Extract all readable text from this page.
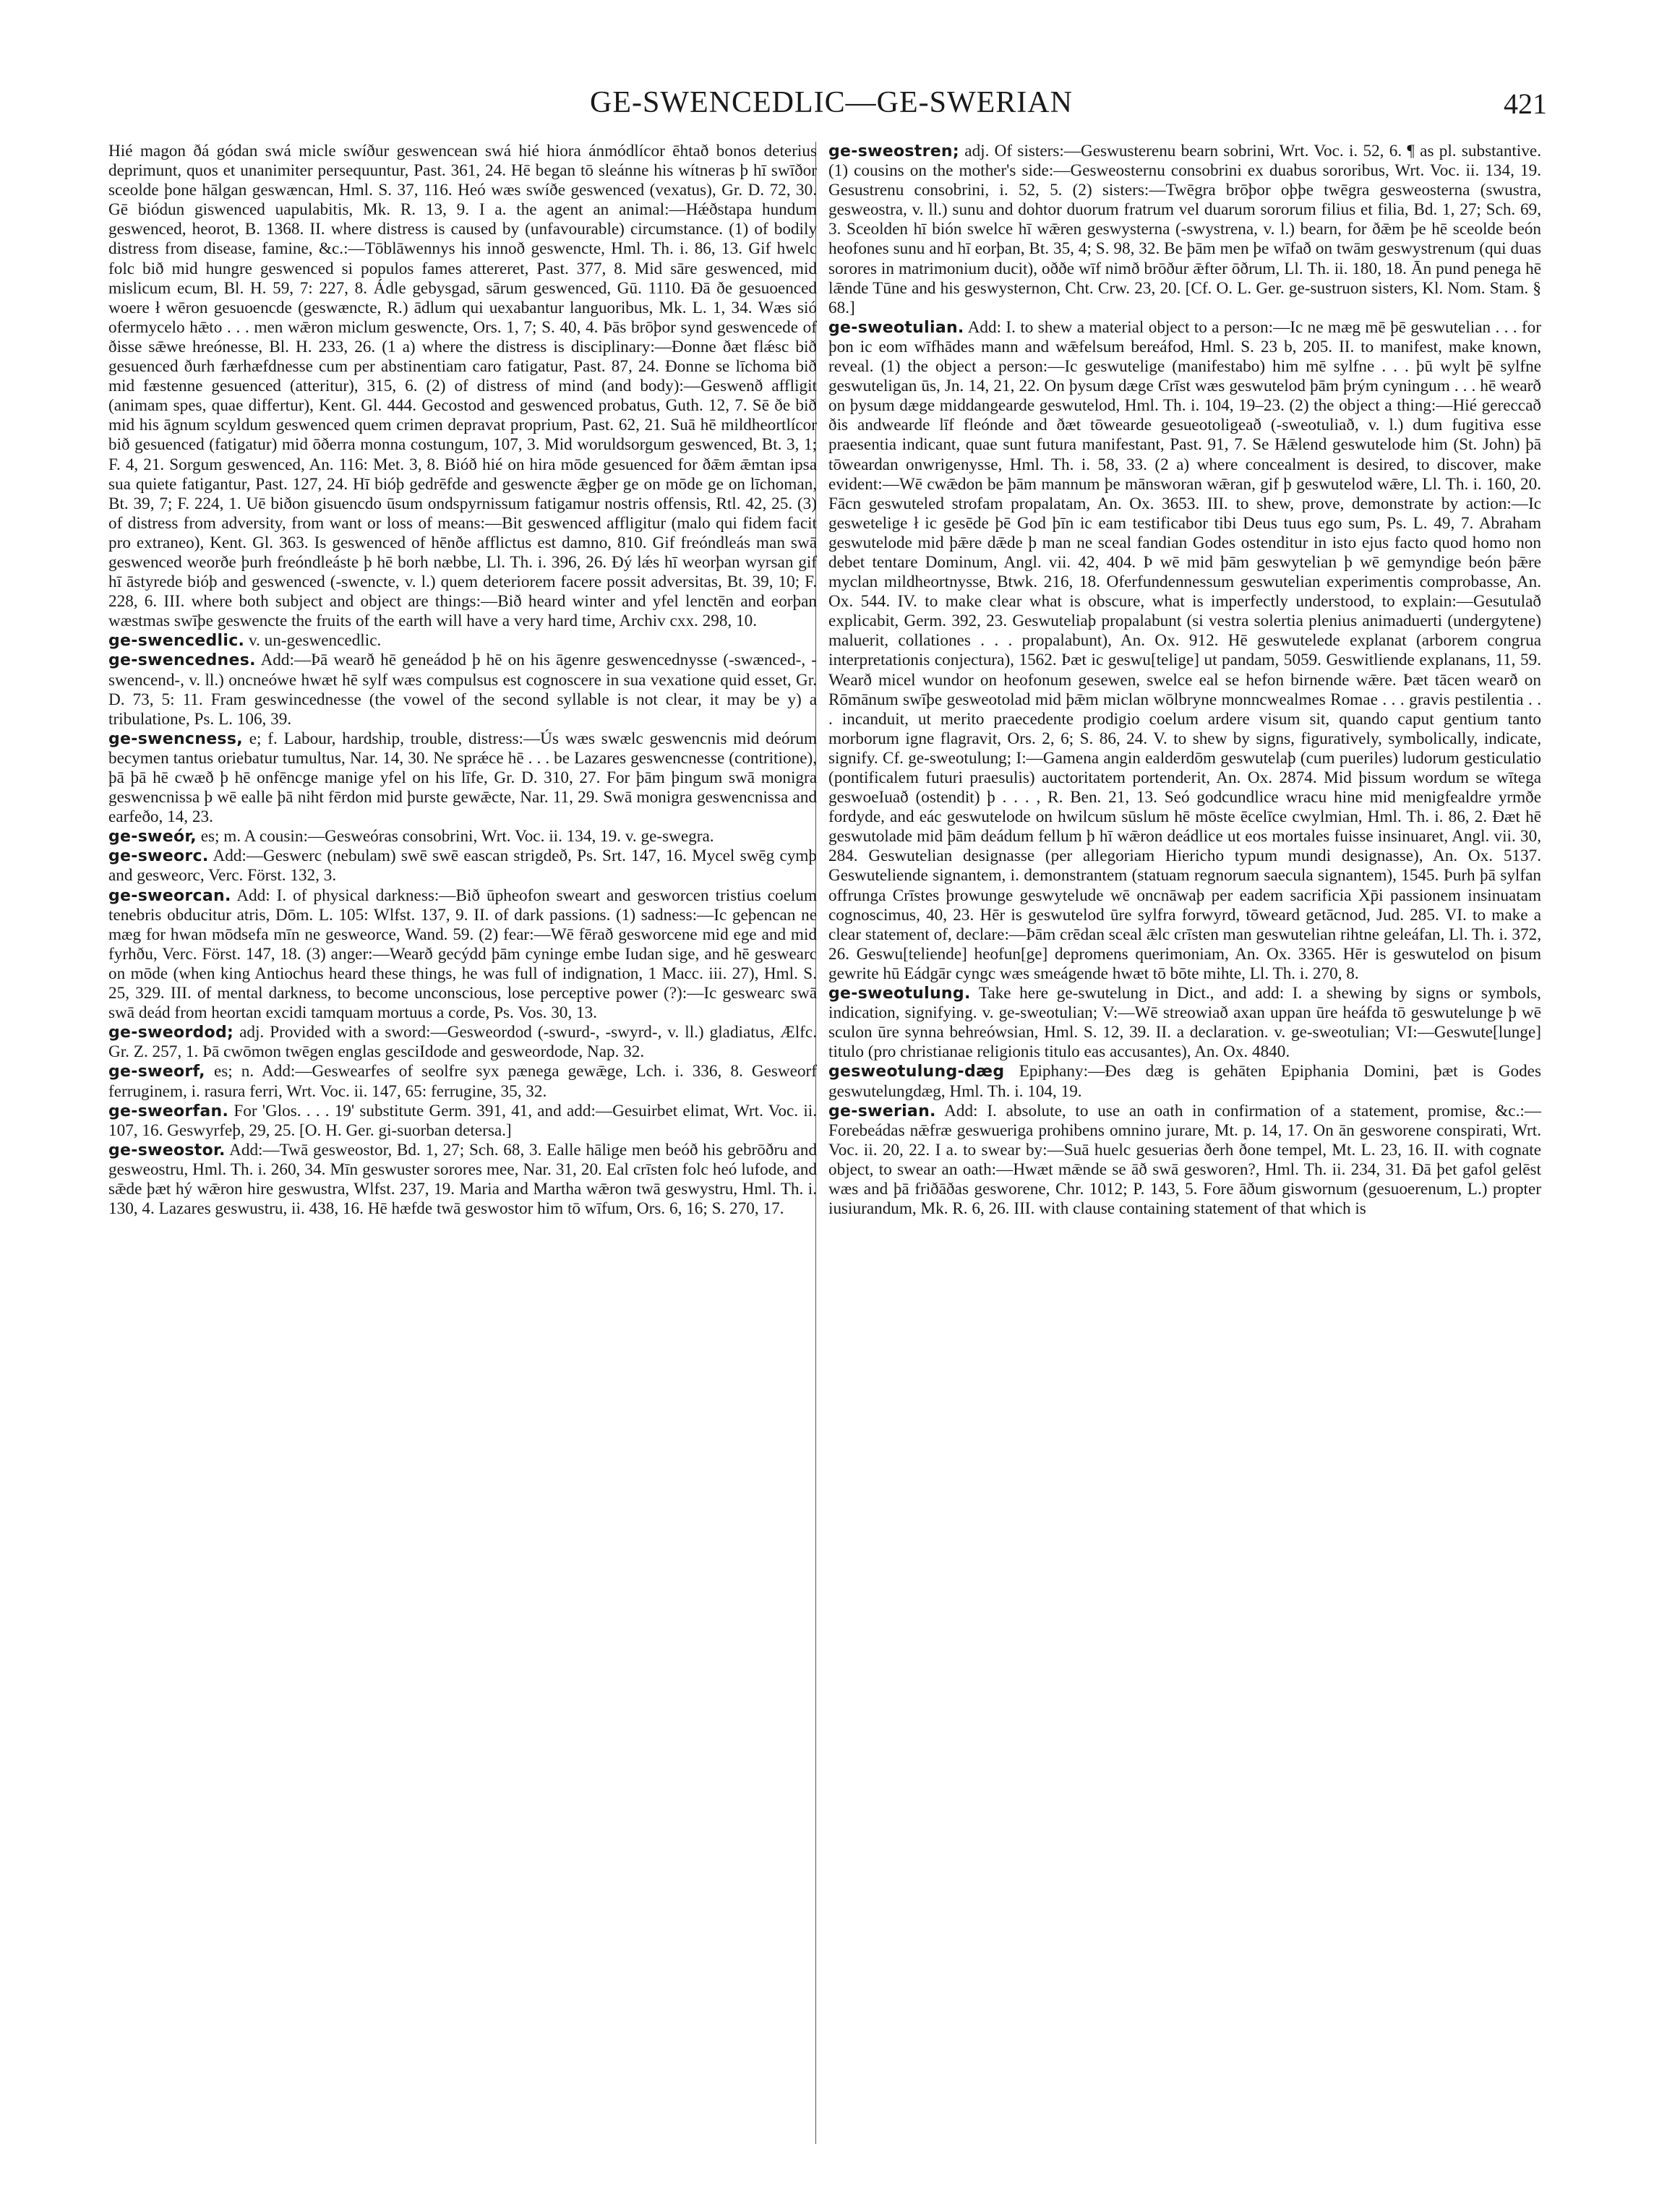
GE-SWENCEDLIC—GE-SWERIAN	421

Hié magon ðá gódan swá micle swíður geswencean swá hié hiora ánmódlícor ēhtað bonos deterius deprimunt, quos et unanimiter persequuntur, Past. 361, 24. Hē began tō sleánne his wítneras þ hī swīðor sceolde þone hālgan geswæncan, Hml. S. 37, 116. Heó wæs swíðe geswenced (vexatus), Gr. D. 72, 30. Gē biódun giswenced uapulabitis, Mk. R. 13, 9. I a. the agent an animal:—Hǽðstapa hundum geswenced, heorot, B. 1368. II. where distress is caused by (unfavourable) circumstance. (1) of bodily distress from disease, famine, &c.:—Tōblāwennys his innoð geswencte, Hml. Th. i. 86, 13. Gif hwelc folc bið mid hungre geswenced si populos fames attereret, Past. 377, 8. Mid sāre geswenced, mid mislicum ecum, Bl. H. 59, 7: 227, 8. Ádle gebysgad, sārum geswenced, Gū. 1110. Ðā ðe gesuoenced woere ł wēron gesuoencde (geswæncte, R.) ādlum qui uexabantur languoribus, Mk. L. 1, 34. Wæs sió ofermycelo hǣto . . . men wǣron miclum geswencte, Ors. 1, 7; S. 40, 4. Þās brōþor synd geswencede of ðisse sǣwe hreónesse, Bl. H. 233, 26. (1 a) where the distress is disciplinary:—Ðonne ðæt flǽsc bið gesuenced ðurh færhæfdnesse cum per abstinentiam caro fatigatur, Past. 87, 24. Ðonne se līchoma bið mid fæstenne gesuenced (atteritur), 315, 6. (2) of distress of mind (and body):—Geswenð affligit (animam spes, quae differtur), Kent. Gl. 444. Gecostod and geswenced probatus, Guth. 12, 7. Sē ðe bið mid his āgnum scyldum geswenced quem crimen depravat proprium, Past. 62, 21. Suā hē mildheortlícor bið gesuenced (fatigatur) mid ōðerra monna costungum, 107, 3. Mid woruldsorgum geswenced, Bt. 3, 1; F. 4, 21. Sorgum geswenced, An. 116: Met. 3, 8. Bióð hié on hira mōde gesuenced for ðǣm ǣmtan ipsa sua quiete fatigantur, Past. 127, 24. Hī bióþ gedrēfde and geswencte ǣgþer ge on mōde ge on līchoman, Bt. 39, 7; F. 224, 1. Uē biðon gisuencdo ūsum ondspyrnissum fatigamur nostris offensis, Rtl. 42, 25. (3) of distress from adversity, from want or loss of means:—Bit geswenced affligitur (malo qui fidem facit pro extraneo), Kent. Gl. 363. Is geswenced of hēnðe afflictus est damno, 810. Gif freóndleás man swā geswenced weorðe þurh freóndleáste þ hē borh næbbe, Ll. Th. i. 396, 26. Ðý lǽs hī weorþan wyrsan gif hī āstyrede bióþ and geswenced (-swencte, v. l.) quem deteriorem facere possit adversitas, Bt. 39, 10; F. 228, 6. III. where both subject and object are things:—Bið heard winter and yfel lenctēn and eorþan wæstmas swīþe geswencte the fruits of the earth will have a very hard time, Archiv cxx. 298, 10.

ge-swencedlic. v. un-geswencedlic.

ge-swencednes. Add:—Þā wearð hē geneádod þ hē on his āgenre geswencednysse (-swænced-, -swencend-, v. ll.) oncneówe hwæt hē sylf wæs compulsus est cognoscere in sua vexatione quid esset, Gr. D. 73, 5: 11. Fram geswincednesse (the vowel of the second syllable is not clear, it may be y) a tribulatione, Ps. L. 106, 39.

ge-swencness, e; f. Labour, hardship, trouble, distress:—Ús wæs swælc geswencnis mid deórum becymen tantus oriebatur tumultus, Nar. 14, 30. Ne sprǽce hē . . . be Lazares geswencnesse (contritione), þā þā hē cwæð þ hē onfēncge manige yfel on his līfe, Gr. D. 310, 27. For þām þingum swā monigra geswencnissa þ wē ealle þā niht fērdon mid þurste gewǣcte, Nar. 11, 29. Swā monigra geswencnissa and earfeðo, 14, 23.

ge-sweór, es; m. A cousin:—Gesweóras consobrini, Wrt. Voc. ii. 134, 19. v. ge-swegra.

ge-sweorc. Add:—Geswerc (nebulam) swē swē eascan strigdeð, Ps. Srt. 147, 16. Mycel swēg cymþ and gesweorc, Verc. Först. 132, 3.

ge-sweorcan. Add: I. of physical darkness:—Bið ūpheofon sweart and gesworcen tristius coelum tenebris obducitur atris, Dōm. L. 105: Wlfst. 137, 9. II. of dark passions. (1) sadness:—Ic geþencan ne mæg for hwan mōdsefa mīn ne gesweorce, Wand. 59. (2) fear:—Wē fērað gesworcene mid ege and mid fyrhðu, Verc. Först. 147, 18. (3) anger:—Wearð gecýdd þām cyninge embe Iudan sige, and hē geswearc on mōde (when king Antiochus heard these things, he was full of indignation, 1 Macc. iii. 27), Hml. S. 25, 329. III. of mental darkness, to become unconscious, lose perceptive power (?):—Ic geswearc swā swā deád from heortan excidi tamquam mortuus a corde, Ps. Vos. 30, 13.

ge-sweordod; adj. Provided with a sword:—Gesweordod (-swurd-, -swyrd-, v. ll.) gladiatus, Ælfc. Gr. Z. 257, 1. Þā cwōmon twēgen englas gesciIdode and gesweordode, Nap. 32.

ge-sweorf, es; n. Add:—Geswearfes of seolfre syx pænega gewǣge, Lch. i. 336, 8. Gesweorf ferruginem, i. rasura ferri, Wrt. Voc. ii. 147, 65: ferrugine, 35, 32.

ge-sweorfan. For 'Glos. . . . 19' substitute Germ. 391, 41, and add:—Gesuirbet elimat, Wrt. Voc. ii. 107, 16. Geswyrfeþ, 29, 25. [O. H. Ger. gi-suorban detersa.]

ge-sweostor. Add:—Twā gesweostor, Bd. 1, 27; Sch. 68, 3. Ealle hālige men beóð his gebrōðru and gesweostru, Hml. Th. i. 260, 34. Mīn geswuster sorores mee, Nar. 31, 20. Eal crīsten folc heó lufode, and sǣde þæt hý wǣron hire geswustra, Wlfst. 237, 19. Maria and Martha wǣron twā geswystru, Hml. Th. i. 130, 4. Lazares geswustru, ii. 438, 16. Hē hæfde twā geswostor him tō wīfum, Ors. 6, 16; S. 270, 17.

ge-sweostren; adj. Of sisters:—Geswusterenu bearn sobrini, Wrt. Voc. i. 52, 6. ¶ as pl. substantive. (1) cousins on the mother's side:—Gesweosternu consobrini ex duabus sororibus, Wrt. Voc. ii. 134, 19. Gesustrenu consobrini, i. 52, 5. (2) sisters:—Twēgra brōþor oþþe twēgra gesweosterna (swustra, gesweostra, v. ll.) sunu and dohtor duorum fratrum vel duarum sororum filius et filia, Bd. 1, 27; Sch. 69, 3. Sceolden hī bión swelce hī wǣren geswysterna (-swystrena, v. l.) bearn, for ðǣm þe hē sceolde beón heofones sunu and hī eorþan, Bt. 35, 4; S. 98, 32. Be þām men þe wīfað on twām geswystrenum (qui duas sorores in matrimonium ducit), oððe wīf nimð brōður ǣfter ōðrum, Ll. Th. ii. 180, 18. Ān pund penega hē lǣnde Tūne and his geswysternon, Cht. Crw. 23, 20. [Cf. O. L. Ger. ge-sustruon sisters, Kl. Nom. Stam. § 68.]

ge-sweotulian. Add: I. to shew a material object to a person:—Ic ne mæg mē þē geswutelian . . . for þon ic eom wīfhādes mann and wǣfelsum bereáfod, Hml. S. 23 b, 205. II. to manifest, make known, reveal. (1) the object a person:—Ic geswutelige (manifestabo) him mē sylfne . . . þū wylt þē sylfne geswuteligan ūs, Jn. 14, 21, 22. On þysum dæge Crīst wæs geswutelod þām þrým cyningum . . . hē wearð on þysum dæge middangearde geswutelod, Hml. Th. i. 104, 19–23. (2) the object a thing:—Hié gereccað ðis andwearde līf fleónde and ðæt tōwearde gesueotoligeað (-sweotuliað, v. l.) dum fugitiva esse praesentia indicant, quae sunt futura manifestant, Past. 91, 7. Se Hǣlend geswutelode him (St. John) þā tōweardan onwrigenysse, Hml. Th. i. 58, 33. (2 a) where concealment is desired, to discover, make evident:—Wē cwǣdon be þām mannum þe mānsworan wǣran, gif þ geswutelod wǣre, Ll. Th. i. 160, 20. Fācn geswuteled strofam propalatam, An. Ox. 3653. III. to shew, prove, demonstrate by action:—Ic geswetelige ł ic gesēde þē God þīn ic eam testificabor tibi Deus tuus ego sum, Ps. L. 49, 7. Abraham geswutelode mid þǣre dǣde þ man ne sceal fandian Godes ostenditur in isto ejus facto quod homo non debet tentare Dominum, Angl. vii. 42, 404. Þ wē mid þām geswytelian þ wē gemyndige beón þǣre myclan mildheortnysse, Btwk. 216, 18. Oferfundennessum geswutelian experimentis comprobasse, An. Ox. 544. IV. to make clear what is obscure, what is imperfectly understood, to explain:—Gesutulað explicabit, Germ. 392, 23. Geswuteliaþ propalabunt (si vestra solertia plenius animaduerti (undergytene) maluerit, collationes . . . propalabunt), An. Ox. 912. Hē geswutelede explanat (arborem congrua interpretationis conjectura), 1562. Þæt ic geswu[telige] ut pandam, 5059. Geswitliende explanans, 11, 59. Wearð micel wundor on heofonum gesewen, swelce eal se hefon birnende wǣre. Þæt tācen wearð on Rōmānum swīþe gesweotolad mid þǣm miclan wōlbryne monncwealmes Romae . . . gravis pestilentia . . . incanduit, ut merito praecedente prodigio coelum ardere visum sit, quando caput gentium tanto morborum igne flagravit, Ors. 2, 6; S. 86, 24. V. to shew by signs, figuratively, symbolically, indicate, signify. Cf. ge-sweotulung; I:—Gamena angin ealderdōm geswutelaþ (cum pueriles) ludorum gesticulatio (pontificalem futuri praesulis) auctoritatem portenderit, An. Ox. 2874. Mid þissum wordum se wītega geswoeIuað (ostendit) þ . . . , R. Ben. 21, 13. Seó godcundlice wracu hine mid menigfealdre yrmðe fordyde, and eác geswutelode on hwilcum sūslum hē mōste ēcelīce cwylmian, Hml. Th. i. 86, 2. Ðæt hē geswutolade mid þām deádum fellum þ hī wǣron deádlice ut eos mortales fuisse insinuaret, Angl. vii. 30, 284. Geswutelian designasse (per allegoriam Hiericho typum mundi designasse), An. Ox. 5137. Geswuteliende signantem, i. demonstrantem (statuam regnorum saecula signantem), 1545. Þurh þā sylfan offrunga Crīstes þrowunge geswytelude wē oncnāwaþ per eadem sacrificia Xp̄i passionem insinuatam cognoscimus, 40, 23. Hēr is geswutelod ūre sylfra forwyrd, tōweard getācnod, Jud. 285. VI. to make a clear statement of, declare:—Þām crēdan sceal ǣlc crīsten man geswutelian rihtne geleáfan, Ll. Th. i. 372, 26. Geswu[teliende] heofun[ge] depromens querimoniam, An. Ox. 3365. Hēr is geswutelod on þisum gewrite hū Eádgār cyngc wæs smeágende hwæt tō bōte mihte, Ll. Th. i. 270, 8.

ge-sweotulung. Take here ge-swutelung in Dict., and add: I. a shewing by signs or symbols, indication, signifying. v. ge-sweotulian; V:—Wē streowiað axan uppan ūre heáfda tō geswutelunge þ wē sculon ūre synna behreówsian, Hml. S. 12, 39. II. a declaration. v. ge-sweotulian; VI:—Geswute[lunge] titulo (pro christianae religionis titulo eas accusantes), An. Ox. 4840.

gesweotulung-dæg Epiphany:—Ðes dæg is gehāten Epiphania Domini, þæt is Godes geswutelungdæg, Hml. Th. i. 104, 19.

ge-swerian. Add: I. absolute, to use an oath in confirmation of a statement, promise, &c.:—Forebeádas nǣfræ geswueriga prohibens omnino jurare, Mt. p. 14, 17. On ān gesworene conspirati, Wrt. Voc. ii. 20, 22. I a. to swear by:—Suā huelc gesuerias ðerh ðone tempel, Mt. L. 23, 16. II. with cognate object, to swear an oath:—Hwæt mǣnde se āð swā gesworen?, Hml. Th. ii. 234, 31. Ðā þet gafol gelēst wæs and þā friðāðas gesworene, Chr. 1012; P. 143, 5. Fore āðum giswornum (gesuoerenum, L.) propter iusiurandum, Mk. R. 6, 26. III. with clause containing statement of that which is
